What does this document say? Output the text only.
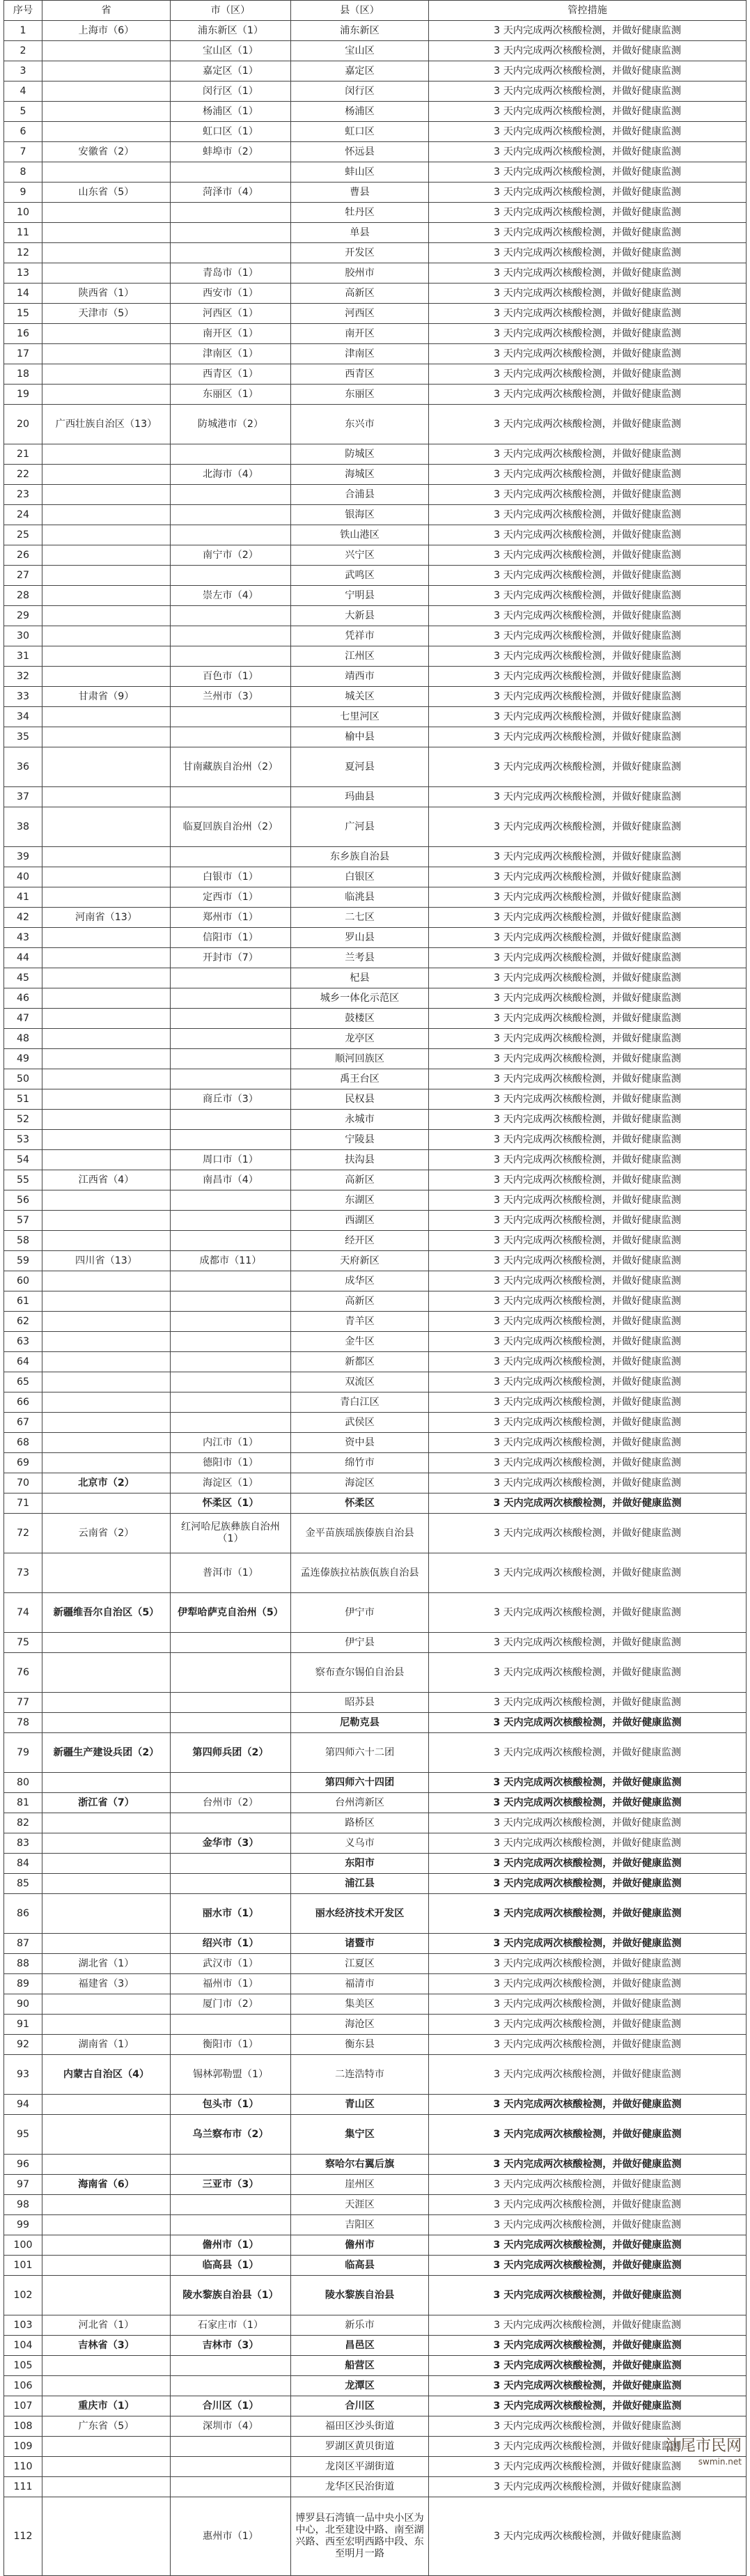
序号	省	市（区）	县（区）	管控措施
1	上海市（6）	浦东新区（1）	浦东新区	3 天内完成两次核酸检测，并做好健康监测
2		宝山区（1）	宝山区	3 天内完成两次核酸检测，并做好健康监测
3		嘉定区（1）	嘉定区	3 天内完成两次核酸检测，并做好健康监测
4		闵行区（1）	闵行区	3 天内完成两次核酸检测，并做好健康监测
5		杨浦区（1）	杨浦区	3 天内完成两次核酸检测，并做好健康监测
6		虹口区（1）	虹口区	3 天内完成两次核酸检测，并做好健康监测
7	安徽省（2）	蚌埠市（2）	怀远县	3 天内完成两次核酸检测，并做好健康监测
8			蚌山区	3 天内完成两次核酸检测，并做好健康监测
9	山东省（5）	菏泽市（4）	曹县	3 天内完成两次核酸检测，并做好健康监测
10			牡丹区	3 天内完成两次核酸检测，并做好健康监测
11			单县	3 天内完成两次核酸检测，并做好健康监测
12			开发区	3 天内完成两次核酸检测，并做好健康监测
13		青岛市（1）	胶州市	3 天内完成两次核酸检测，并做好健康监测
14	陕西省（1）	西安市（1）	高新区	3 天内完成两次核酸检测，并做好健康监测
15	天津市（5）	河西区（1）	河西区	3 天内完成两次核酸检测，并做好健康监测
16		南开区（1）	南开区	3 天内完成两次核酸检测，并做好健康监测
17		津南区（1）	津南区	3 天内完成两次核酸检测，并做好健康监测
18		西青区（1）	西青区	3 天内完成两次核酸检测，并做好健康监测
19		东丽区（1）	东丽区	3 天内完成两次核酸检测，并做好健康监测
20	广西壮族自治区（13）	防城港市（2）	东兴市	3 天内完成两次核酸检测，并做好健康监测
21			防城区	3 天内完成两次核酸检测，并做好健康监测
22		北海市（4）	海城区	3 天内完成两次核酸检测，并做好健康监测
23			合浦县	3 天内完成两次核酸检测，并做好健康监测
24			银海区	3 天内完成两次核酸检测，并做好健康监测
25			铁山港区	3 天内完成两次核酸检测，并做好健康监测
26		南宁市（2）	兴宁区	3 天内完成两次核酸检测，并做好健康监测
27			武鸣区	3 天内完成两次核酸检测，并做好健康监测
28		崇左市（4）	宁明县	3 天内完成两次核酸检测，并做好健康监测
29			大新县	3 天内完成两次核酸检测，并做好健康监测
30			凭祥市	3 天内完成两次核酸检测，并做好健康监测
31			江州区	3 天内完成两次核酸检测，并做好健康监测
32		百色市（1）	靖西市	3 天内完成两次核酸检测，并做好健康监测
33	甘肃省（9）	兰州市（3）	城关区	3 天内完成两次核酸检测，并做好健康监测
34			七里河区	3 天内完成两次核酸检测，并做好健康监测
35			榆中县	3 天内完成两次核酸检测，并做好健康监测
36		甘南藏族自治州（2）	夏河县	3 天内完成两次核酸检测，并做好健康监测
37			玛曲县	3 天内完成两次核酸检测，并做好健康监测
38		临夏回族自治州（2）	广河县	3 天内完成两次核酸检测，并做好健康监测
39			东乡族自治县	3 天内完成两次核酸检测，并做好健康监测
40		白银市（1）	白银区	3 天内完成两次核酸检测，并做好健康监测
41		定西市（1）	临洮县	3 天内完成两次核酸检测，并做好健康监测
42	河南省（13）	郑州市（1）	二七区	3 天内完成两次核酸检测，并做好健康监测
43		信阳市（1）	罗山县	3 天内完成两次核酸检测，并做好健康监测
44		开封市（7）	兰考县	3 天内完成两次核酸检测，并做好健康监测
45			杞县	3 天内完成两次核酸检测，并做好健康监测
46			城乡一体化示范区	3 天内完成两次核酸检测，并做好健康监测
47			鼓楼区	3 天内完成两次核酸检测，并做好健康监测
48			龙亭区	3 天内完成两次核酸检测，并做好健康监测
49			顺河回族区	3 天内完成两次核酸检测，并做好健康监测
50			禹王台区	3 天内完成两次核酸检测，并做好健康监测
51		商丘市（3）	民权县	3 天内完成两次核酸检测，并做好健康监测
52			永城市	3 天内完成两次核酸检测，并做好健康监测
53			宁陵县	3 天内完成两次核酸检测，并做好健康监测
54		周口市（1）	扶沟县	3 天内完成两次核酸检测，并做好健康监测
55	江西省（4）	南昌市（4）	高新区	3 天内完成两次核酸检测，并做好健康监测
56			东湖区	3 天内完成两次核酸检测，并做好健康监测
57			西湖区	3 天内完成两次核酸检测，并做好健康监测
58			经开区	3 天内完成两次核酸检测，并做好健康监测
59	四川省（13）	成都市（11）	天府新区	3 天内完成两次核酸检测，并做好健康监测
60			成华区	3 天内完成两次核酸检测，并做好健康监测
61			高新区	3 天内完成两次核酸检测，并做好健康监测
62			青羊区	3 天内完成两次核酸检测，并做好健康监测
63			金牛区	3 天内完成两次核酸检测，并做好健康监测
64			新都区	3 天内完成两次核酸检测，并做好健康监测
65			双流区	3 天内完成两次核酸检测，并做好健康监测
66			青白江区	3 天内完成两次核酸检测，并做好健康监测
67			武侯区	3 天内完成两次核酸检测，并做好健康监测
68		内江市（1）	资中县	3 天内完成两次核酸检测，并做好健康监测
69		德阳市（1）	绵竹市	3 天内完成两次核酸检测，并做好健康监测
70	北京市（2）	海淀区（1）	海淀区	3 天内完成两次核酸检测，并做好健康监测
71		怀柔区（1）	怀柔区	3 天内完成两次核酸检测，并做好健康监测
72	云南省（2）	红河哈尼族彝族自治州（1）	金平苗族瑶族傣族自治县	3 天内完成两次核酸检测，并做好健康监测
73		普洱市（1）	孟连傣族拉祜族佤族自治县	3 天内完成两次核酸检测，并做好健康监测
74	新疆维吾尔自治区（5）	伊犁哈萨克自治州（5）	伊宁市	3 天内完成两次核酸检测，并做好健康监测
75			伊宁县	3 天内完成两次核酸检测，并做好健康监测
76			察布查尔锡伯自治县	3 天内完成两次核酸检测，并做好健康监测
77			昭苏县	3 天内完成两次核酸检测，并做好健康监测
78			尼勒克县	3 天内完成两次核酸检测，并做好健康监测
79	新疆生产建设兵团（2）	第四师兵团（2）	第四师六十二团	3 天内完成两次核酸检测，并做好健康监测
80			第四师六十四团	3 天内完成两次核酸检测，并做好健康监测
81	浙江省（7）	台州市（2）	台州湾新区	3 天内完成两次核酸检测，并做好健康监测
82			路桥区	3 天内完成两次核酸检测，并做好健康监测
83		金华市（3）	义乌市	3 天内完成两次核酸检测，并做好健康监测
84			东阳市	3 天内完成两次核酸检测，并做好健康监测
85			浦江县	3 天内完成两次核酸检测，并做好健康监测
86		丽水市（1）	丽水经济技术开发区	3 天内完成两次核酸检测，并做好健康监测
87		绍兴市（1）	诸暨市	3 天内完成两次核酸检测，并做好健康监测
88	湖北省（1）	武汉市（1）	江夏区	3 天内完成两次核酸检测，并做好健康监测
89	福建省（3）	福州市（1）	福清市	3 天内完成两次核酸检测，并做好健康监测
90		厦门市（2）	集美区	3 天内完成两次核酸检测，并做好健康监测
91			海沧区	3 天内完成两次核酸检测，并做好健康监测
92	湖南省（1）	衡阳市（1）	衡东县	3 天内完成两次核酸检测，并做好健康监测
93	内蒙古自治区（4）	锡林郭勒盟（1）	二连浩特市	3 天内完成两次核酸检测，并做好健康监测
94		包头市（1）	青山区	3 天内完成两次核酸检测，并做好健康监测
95		乌兰察布市（2）	集宁区	3 天内完成两次核酸检测，并做好健康监测
96			察哈尔右翼后旗	3 天内完成两次核酸检测，并做好健康监测
97	海南省（6）	三亚市（3）	崖州区	3 天内完成两次核酸检测，并做好健康监测
98			天涯区	3 天内完成两次核酸检测，并做好健康监测
99			吉阳区	3 天内完成两次核酸检测，并做好健康监测
100		儋州市（1）	儋州市	3 天内完成两次核酸检测，并做好健康监测
101		临高县（1）	临高县	3 天内完成两次核酸检测，并做好健康监测
102		陵水黎族自治县（1）	陵水黎族自治县	3 天内完成两次核酸检测，并做好健康监测
103	河北省（1）	石家庄市（1）	新乐市	3 天内完成两次核酸检测，并做好健康监测
104	吉林省（3）	吉林市（3）	昌邑区	3 天内完成两次核酸检测，并做好健康监测
105			船营区	3 天内完成两次核酸检测，并做好健康监测
106			龙潭区	3 天内完成两次核酸检测，并做好健康监测
107	重庆市（1）	合川区（1）	合川区	3 天内完成两次核酸检测，并做好健康监测
108	广东省（5）	深圳市（4）	福田区沙头街道	3 天内完成两次核酸检测，并做好健康监测
109			罗湖区黄贝街道	3 天内完成两次核酸检测，并做好健康监测
110			龙岗区平湖街道	3 天内完成两次核酸检测，并做好健康监测
111			龙华区民治街道	3 天内完成两次核酸检测，并做好健康监测
112		惠州市（1）	博罗县石湾镇一品中央小区为中心，北至建设中路、南至湖兴路、西至宏明西路中段、东至明月一路	3 天内完成两次核酸检测，并做好健康监测
汕尾市民网
swmin.net
